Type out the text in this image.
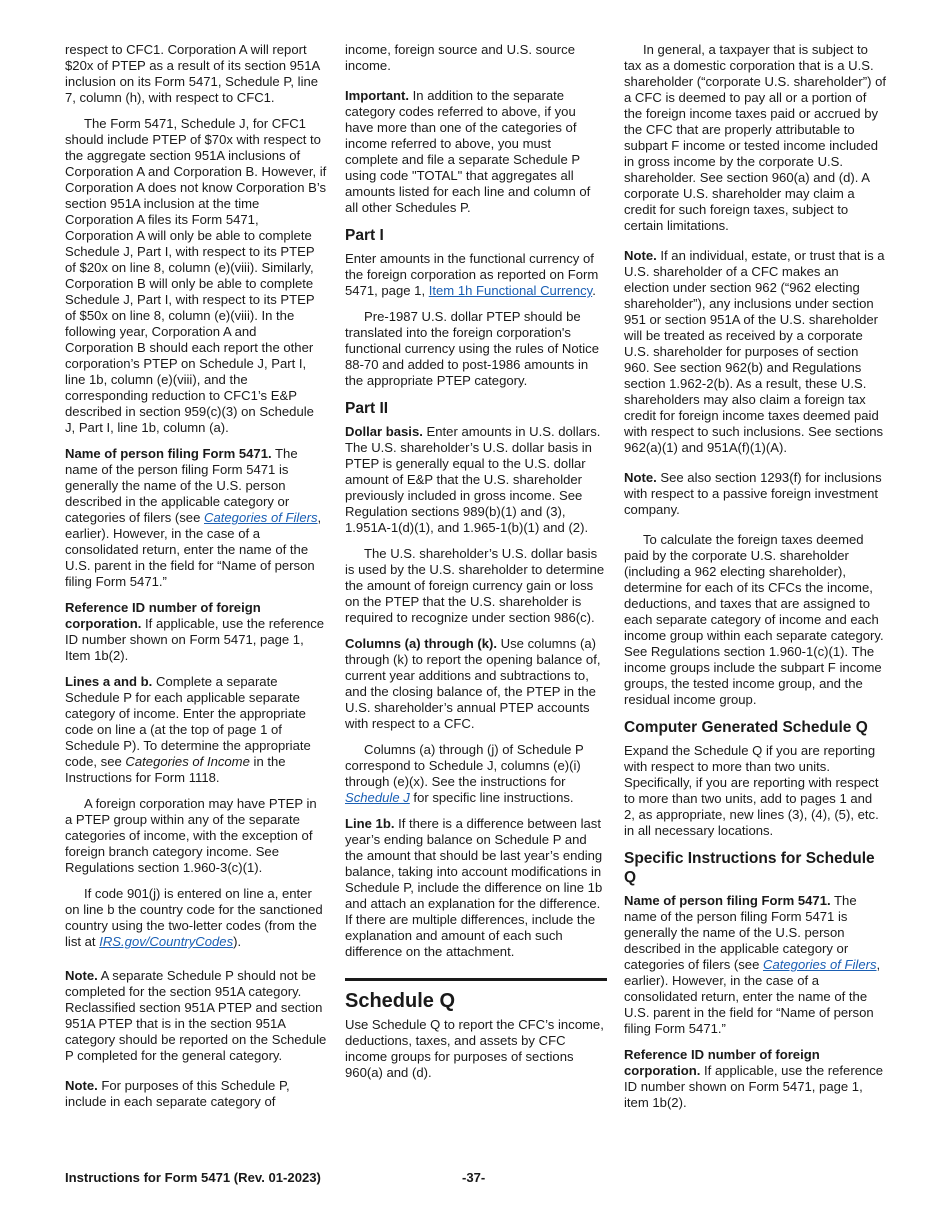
respect to CFC1. Corporation A will report $20x of PTEP as a result of its section 951A inclusion on its Form 5471, Schedule P, line 7, column (h), with respect to CFC1.

The Form 5471, Schedule J, for CFC1 should include PTEP of $70x with respect to the aggregate section 951A inclusions of Corporation A and Corporation B. However, if Corporation A does not know Corporation B’s section 951A inclusion at the time Corporation A files its Form 5471, Corporation A will only be able to complete Schedule J, Part I, with respect to its PTEP of $20x on line 8, column (e)(viii). Similarly, Corporation B will only be able to complete Schedule J, Part I, with respect to its PTEP of $50x on line 8, column (e)(viii). In the following year, Corporation A and Corporation B should each report the other corporation’s PTEP on Schedule J, Part I, line 1b, column (e)(viii), and the corresponding reduction to CFC1’s E&P described in section 959(c)(3) on Schedule J, Part I, line 1b, column (a).

Name of person filing Form 5471. The name of the person filing Form 5471 is generally the name of the U.S. person described in the applicable category or categories of filers (see Categories of Filers, earlier). However, in the case of a consolidated return, enter the name of the U.S. parent in the field for “Name of person filing Form 5471.”

Reference ID number of foreign corporation. If applicable, use the reference ID number shown on Form 5471, page 1, Item 1b(2).

Lines a and b. Complete a separate Schedule P for each applicable separate category of income. Enter the appropriate code on line a (at the top of page 1 of Schedule P). To determine the appropriate code, see Categories of Income in the Instructions for Form 1118.

A foreign corporation may have PTEP in a PTEP group within any of the separate categories of income, with the exception of foreign branch category income. See Regulations section 1.960-3(c)(1).

If code 901(j) is entered on line a, enter on line b the country code for the sanctioned country using the two-letter codes (from the list at IRS.gov/CountryCodes).

Note. A separate Schedule P should not be completed for the section 951A category. Reclassified section 951A PTEP and section 951A PTEP that is in the section 951A category should be reported on the Schedule P completed for the general category.

Note. For purposes of this Schedule P, include in each separate category of

income, foreign source and U.S. source income.

Important. In addition to the separate category codes referred to above, if you have more than one of the categories of income referred to above, you must complete and file a separate Schedule P using code "TOTAL" that aggregates all amounts listed for each line and column of all other Schedules P.

Part I

Enter amounts in the functional currency of the foreign corporation as reported on Form 5471, page 1, Item 1h Functional Currency.

Pre-1987 U.S. dollar PTEP should be translated into the foreign corporation's functional currency using the rules of Notice 88-70 and added to post-1986 amounts in the appropriate PTEP category.

Part II

Dollar basis. Enter amounts in U.S. dollars. The U.S. shareholder’s U.S. dollar basis in PTEP is generally equal to the U.S. dollar amount of E&P that the U.S. shareholder previously included in gross income. See Regulation sections 989(b)(1) and (3), 1.951A-1(d)(1), and 1.965-1(b)(1) and (2).

The U.S. shareholder’s U.S. dollar basis is used by the U.S. shareholder to determine the amount of foreign currency gain or loss on the PTEP that the U.S. shareholder is required to recognize under section 986(c).

Columns (a) through (k). Use columns (a) through (k) to report the opening balance of, current year additions and subtractions to, and the closing balance of, the PTEP in the U.S. shareholder’s annual PTEP accounts with respect to a CFC.

Columns (a) through (j) of Schedule P correspond to Schedule J, columns (e)(i) through (e)(x). See the instructions for Schedule J for specific line instructions.

Line 1b. If there is a difference between last year’s ending balance on Schedule P and the amount that should be last year’s ending balance, taking into account modifications in Schedule P, include the difference on line 1b and attach an explanation for the difference. If there are multiple differences, include the explanation and amount of each such difference on the attachment.

Schedule Q

Use Schedule Q to report the CFC’s income, deductions, taxes, and assets by CFC income groups for purposes of sections 960(a) and (d).

In general, a taxpayer that is subject to tax as a domestic corporation that is a U.S. shareholder (“corporate U.S. shareholder”) of a CFC is deemed to pay all or a portion of the foreign income taxes paid or accrued by the CFC that are properly attributable to subpart F income or tested income included in gross income by the corporate U.S. shareholder. See section 960(a) and (d). A corporate U.S. shareholder may claim a credit for such foreign taxes, subject to certain limitations.

Note. If an individual, estate, or trust that is a U.S. shareholder of a CFC makes an election under section 962 (“962 electing shareholder”), any inclusions under section 951 or section 951A of the U.S. shareholder will be treated as received by a corporate U.S. shareholder for purposes of section 960. See section 962(b) and Regulations section 1.962-2(b). As a result, these U.S. shareholders may also claim a foreign tax credit for foreign income taxes deemed paid with respect to such inclusions. See sections 962(a)(1) and 951A(f)(1)(A).

Note. See also section 1293(f) for inclusions with respect to a passive foreign investment company.

To calculate the foreign taxes deemed paid by the corporate U.S. shareholder (including a 962 electing shareholder), determine for each of its CFCs the income, deductions, and taxes that are assigned to each separate category of income and each income group within each separate category. See Regulations section 1.960-1(c)(1). The income groups include the subpart F income groups, the tested income group, and the residual income group.

Computer Generated Schedule Q

Expand the Schedule Q if you are reporting with respect to more than two units. Specifically, if you are reporting with respect to more than two units, add to pages 1 and 2, as appropriate, new lines (3), (4), (5), etc. in all necessary locations.

Specific Instructions for Schedule Q

Name of person filing Form 5471. The name of the person filing Form 5471 is generally the name of the U.S. person described in the applicable category or categories of filers (see Categories of Filers, earlier). However, in the case of a consolidated return, enter the name of the U.S. parent in the field for “Name of person filing Form 5471.”

Reference ID number of foreign corporation. If applicable, use the reference ID number shown on Form 5471, page 1, item 1b(2).

Instructions for Form 5471 (Rev. 01-2023)	-37-
